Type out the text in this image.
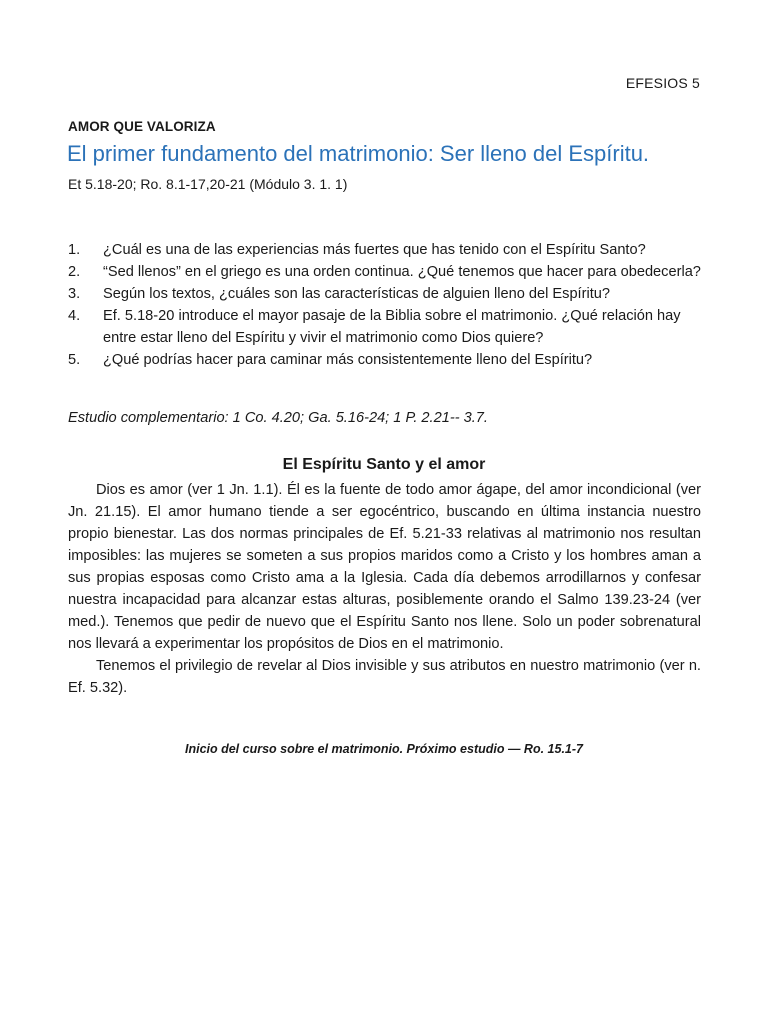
EFESIOS 5
AMOR QUE VALORIZA
El primer fundamento del matrimonio: Ser lleno del Espíritu.
Et 5.18-20; Ro. 8.1-17,20-21 (Módulo 3. 1. 1)
1. ¿Cuál es una de las experiencias más fuertes que has tenido con el Espíritu Santo?
2. “Sed llenos” en el griego es una orden continua. ¿Qué tenemos que hacer para obedecerla?
3. Según los textos, ¿cuáles son las características de alguien lleno del Espíritu?
4. Ef. 5.18-20 introduce el mayor pasaje de la Biblia sobre el matrimonio. ¿Qué relación hay entre estar lleno del Espíritu y vivir el matrimonio como Dios quiere?
5. ¿Qué podrías hacer para caminar más consistentemente lleno del Espíritu?
Estudio complementario: 1 Co. 4.20; Ga. 5.16-24; 1 P. 2.21-- 3.7.
El Espíritu Santo y el amor

Dios es amor (ver 1 Jn. 1.1). Él es la fuente de todo amor ágape, del amor incondicional (ver Jn. 21.15). El amor humano tiende a ser egocéntrico, buscando en última instancia nuestro propio bienestar. Las dos normas principales de Ef. 5.21-33 relativas al matrimonio nos resultan imposibles: las mujeres se someten a sus propios maridos como a Cristo y los hombres aman a sus propias esposas como Cristo ama a la Iglesia. Cada día debemos arrodillarnos y confesar nuestra incapacidad para alcanzar estas alturas, posiblemente orando el Salmo 139.23-24 (ver med.). Tenemos que pedir de nuevo que el Espíritu Santo nos llene. Solo un poder sobrenatural nos llevará a experimentar los propósitos de Dios en el matrimonio.

Tenemos el privilegio de revelar al Dios invisible y sus atributos en nuestro matrimonio (ver n. Ef. 5.32).

Inicio del curso sobre el matrimonio. Próximo estudio — Ro. 15.1-7
